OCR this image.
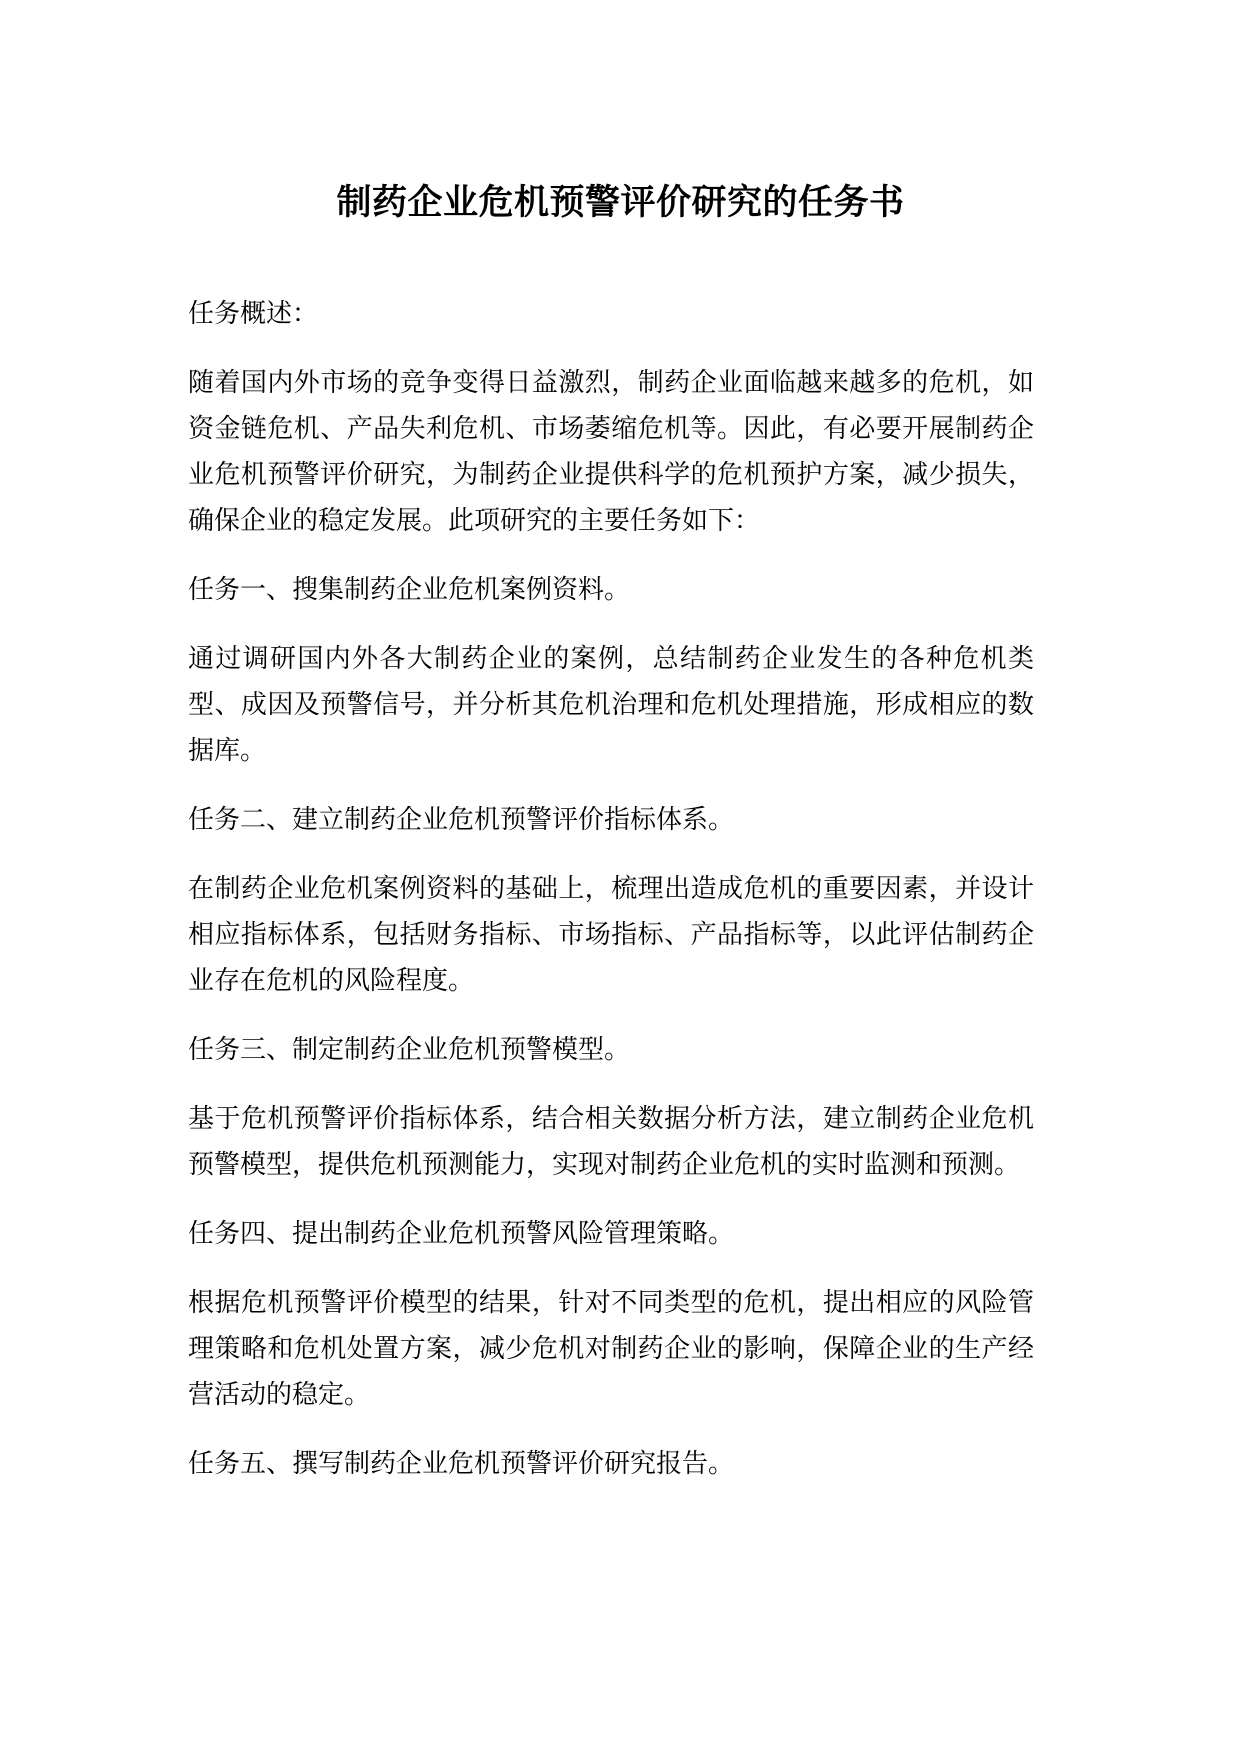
制药企业危机预警评价研究的任务书

任务概述：

随着国内外市场的竞争变得日益激烈，制药企业面临越来越多的危机，如资金链危机、产品失利危机、市场萎缩危机等。因此，有必要开展制药企业危机预警评价研究，为制药企业提供科学的危机预护方案，减少损失，确保企业的稳定发展。此项研究的主要任务如下：

任务一、搜集制药企业危机案例资料。

通过调研国内外各大制药企业的案例，总结制药企业发生的各种危机类型、成因及预警信号，并分析其危机治理和危机处理措施，形成相应的数据库。

任务二、建立制药企业危机预警评价指标体系。

在制药企业危机案例资料的基础上，梳理出造成危机的重要因素，并设计相应指标体系，包括财务指标、市场指标、产品指标等，以此评估制药企业存在危机的风险程度。

任务三、制定制药企业危机预警模型。

基于危机预警评价指标体系，结合相关数据分析方法，建立制药企业危机预警模型，提供危机预测能力，实现对制药企业危机的实时监测和预测。

任务四、提出制药企业危机预警风险管理策略。

根据危机预警评价模型的结果，针对不同类型的危机，提出相应的风险管理策略和危机处置方案，减少危机对制药企业的影响，保障企业的生产经营活动的稳定。

任务五、撰写制药企业危机预警评价研究报告。
